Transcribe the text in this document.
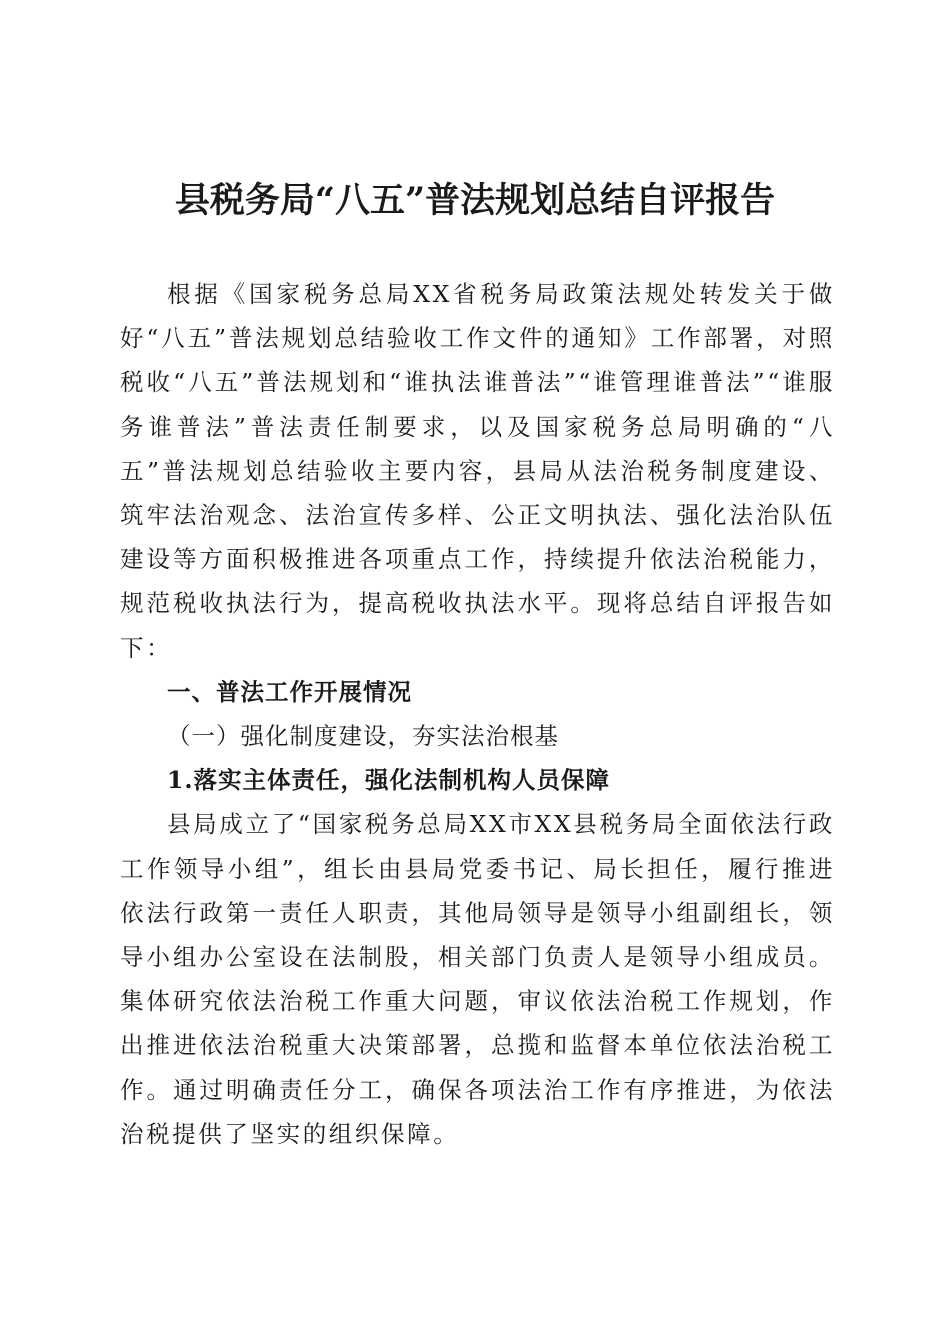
县税务局“八五”普法规划总结自评报告

根据《国家税务总局XX省税务局政策法规处转发关于做好“八五”普法规划总结验收工作文件的通知》工作部署，对照税收“八五”普法规划和“谁执法谁普法”“谁管理谁普法”“谁服务谁普法”普法责任制要求，以及国家税务总局明确的“八五”普法规划总结验收主要内容，县局从法治税务制度建设、筑牢法治观念、法治宣传多样、公正文明执法、强化法治队伍建设等方面积极推进各项重点工作，持续提升依法治税能力，规范税收执法行为，提高税收执法水平。现将总结自评报告如下：

一、普法工作开展情况

（一）强化制度建设，夯实法治根基

1.落实主体责任，强化法制机构人员保障

县局成立了“国家税务总局XX市XX县税务局全面依法行政工作领导小组”，组长由县局党委书记、局长担任，履行推进依法行政第一责任人职责，其他局领导是领导小组副组长，领导小组办公室设在法制股，相关部门负责人是领导小组成员。集体研究依法治税工作重大问题，审议依法治税工作规划，作出推进依法治税重大决策部署，总揽和监督本单位依法治税工作。通过明确责任分工，确保各项法治工作有序推进，为依法治税提供了坚实的组织保障。
